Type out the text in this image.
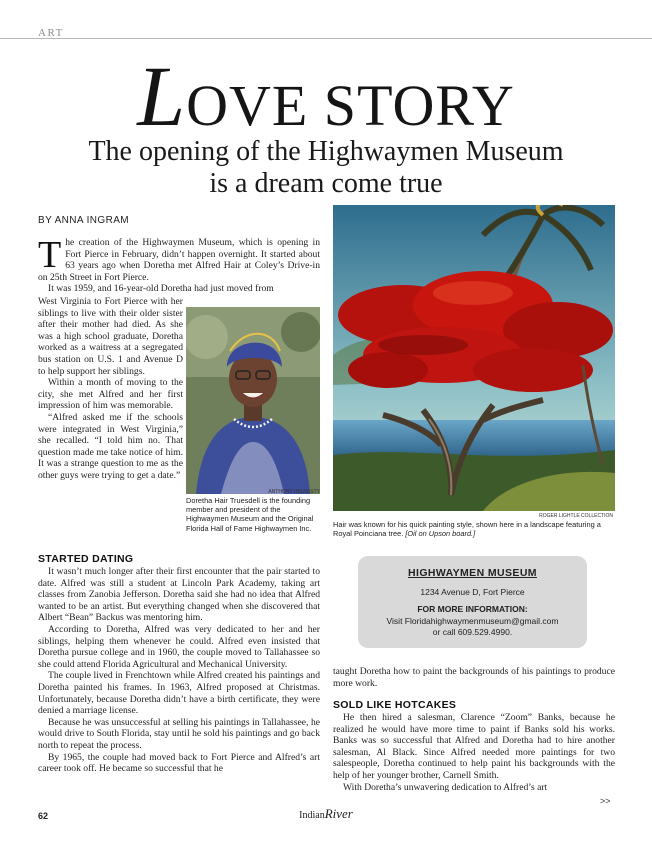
ART
LOVE STORY
The opening of the Highwaymen Museum
is a dream come true
BY ANNA INGRAM
T he creation of the Highwaymen Museum, which is opening in Fort Pierce in February, didn’t happen overnight. It started about 63 years ago when Doretha met Alfred Hair at Coley’s Drive-in on 25th Street in Fort Pierce.

It was 1959, and 16-year-old Doretha had just moved from

West Virginia to Fort Pierce with her siblings to live with their older sister after their mother had died. As she was a high school graduate, Doretha worked as a waitress at a segregated bus station on U.S. 1 and Avenue D to help support her siblings.

Within a month of moving to the city, she met Alfred and her first impression of him was memorable.

“Alfred asked me if the schools were integrated in West Virginia,” she recalled. “I told him no. That question made me take notice of him. It was a strange question to me as the other guys were trying to get a date.”

ANTHONY INSWASTY
Doretha Hair Truesdell is the founding member and president of the Highwaymen Museum and the Original Florida Hall of Fame Highwaymen Inc.
STARTED DATING

It wasn’t much longer after their first encounter that the pair started to date. Alfred was still a student at Lincoln Park Academy, taking art classes from Zanobia Jefferson. Doretha said she had no idea that Alfred wanted to be an artist. But everything changed when she discovered that Albert “Bean” Backus was mentoring him.

According to Doretha, Alfred was very dedicated to her and her siblings, helping them whenever he could. Alfred even insisted that Doretha pursue college and in 1960, the couple moved to Tallahassee so she could attend Florida Agricultural and Mechanical University.

The couple lived in Frenchtown while Alfred created his paintings and Doretha painted his frames. In 1963, Alfred proposed at Christmas. Unfortunately, because Doretha didn’t have a birth certificate, they were denied a marriage license.

Because he was unsuccessful at selling his paintings in Tallahassee, he would drive to South Florida, stay until he sold his paintings and go back north to repeat the process.

By 1965, the couple had moved back to Fort Pierce and Alfred’s art career took off. He became so successful that he

ROGER LIGHTLE COLLECTION
Hair was known for his quick painting style, shown here in a landscape featuring a Royal Poinciana tree. [Oil on Upson board.]
HIGHWAYMEN MUSEUM
1234 Avenue D, Fort Pierce
FOR MORE INFORMATION:
Visit Floridahighwaymenmuseum@gmail.com
or call 609.529.4990.

taught Doretha how to paint the backgrounds of his paintings to produce more work.

SOLD LIKE HOTCAKES

He then hired a salesman, Clarence “Zoom” Banks, because he realized he would have more time to paint if Banks sold his works. Banks was so successful that Alfred and Doretha had to hire another salesman, Al Black. Since Alfred needed more paintings for two salespeople, Doretha continued to help paint his backgrounds with the help of her younger brother, Carnell Smith.

With Doretha’s unwavering dedication to Alfred’s art

62	IndianRiver
>>
